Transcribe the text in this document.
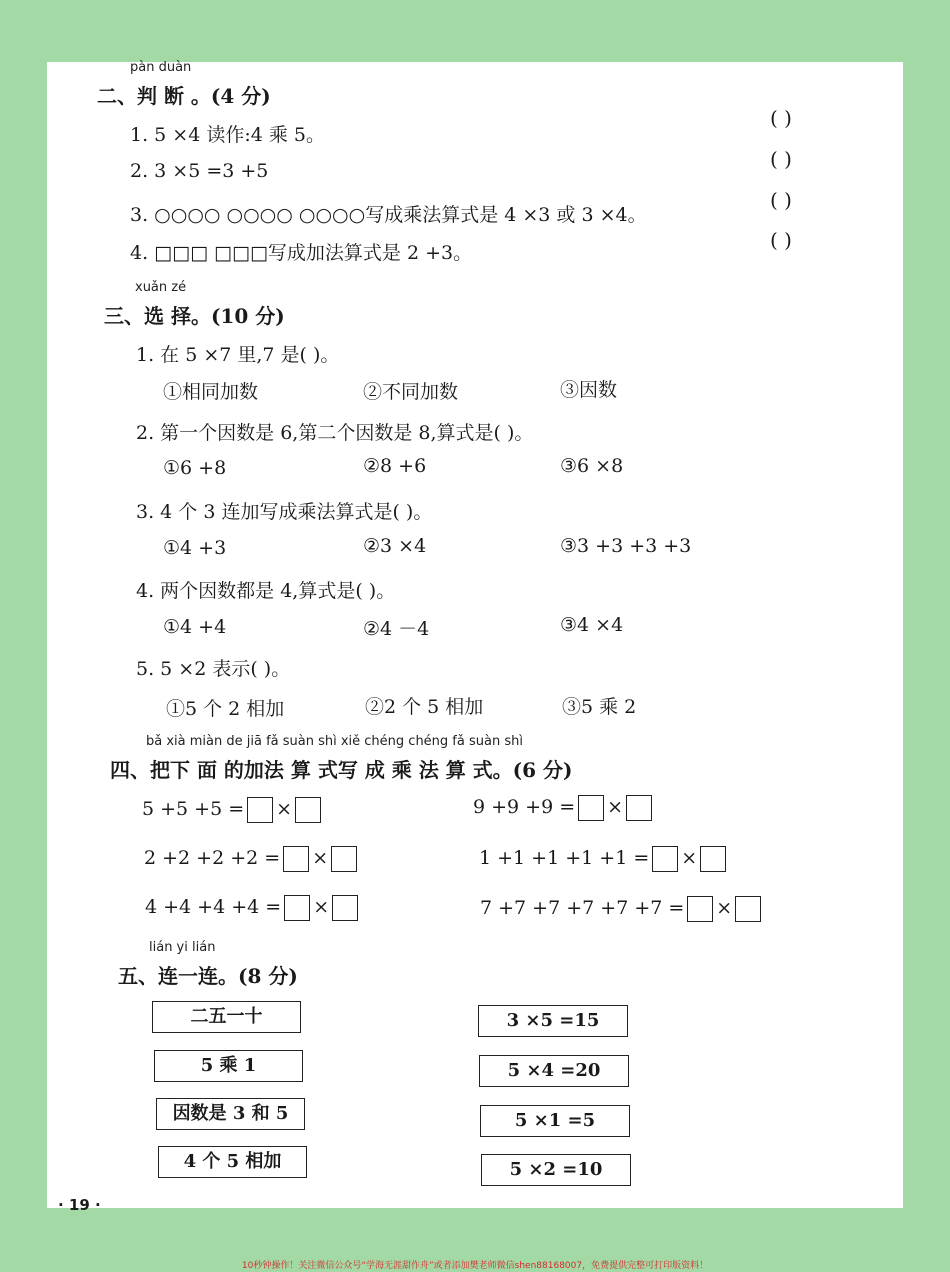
pàn duàn
二、判 断 。(4 分)
1. 5 ×4 读作:4 乘 5。
( )
2. 3 ×5 =3 +5	( )
3. ○○○○ ○○○○ ○○○○写成乘法算式是 4 ×3 或 3 ×4。
( )
4. □□□ □□□写成加法算式是 2 +3。
( )
xuǎn zé
三、选 择。(10 分)
1. 在 5 ×7 里,7 是( )。
①相同加数	②不同加数	③因数
2. 第一个因数是 6,第二个因数是 8,算式是( )。
①6 +8	②8 +6	③6 ×8
3. 4 个 3 连加写成乘法算式是( )。
①4 +3	②3 ×4	③3 +3 +3 +3
4. 两个因数都是 4,算式是( )。
①4 +4	②4 －4	③4 ×4
5. 5 ×2 表示( )。
①5 个 2 相加	②2 个 5 相加	③5 乘 2
bǎ xià miàn de jiā fǎ suàn shì xiě chéng chéng fǎ suàn shì
四、把下 面 的加法 算 式写 成 乘 法 算 式。(6 分)
5 +5 +5 = ×	9 +9 +9 = ×
2 +2 +2 +2 = ×	1 +1 +1 +1 +1 = ×
4 +4 +4 +4 = ×	7 +7 +7 +7 +7 +7 = ×
lián yi lián
五、连一连。(8 分)
二五一十
5 乘 1
因数是 3 和 5
4 个 5 相加
3 ×5 =15
5 ×4 =20
5 ×1 =5
5 ×2 =10
· 19 ·
10秒钟操作！关注微信公众号“学海无涯甜作舟”或者添加樊老师微信shen88168007，免费提供完整可打印版资料！
